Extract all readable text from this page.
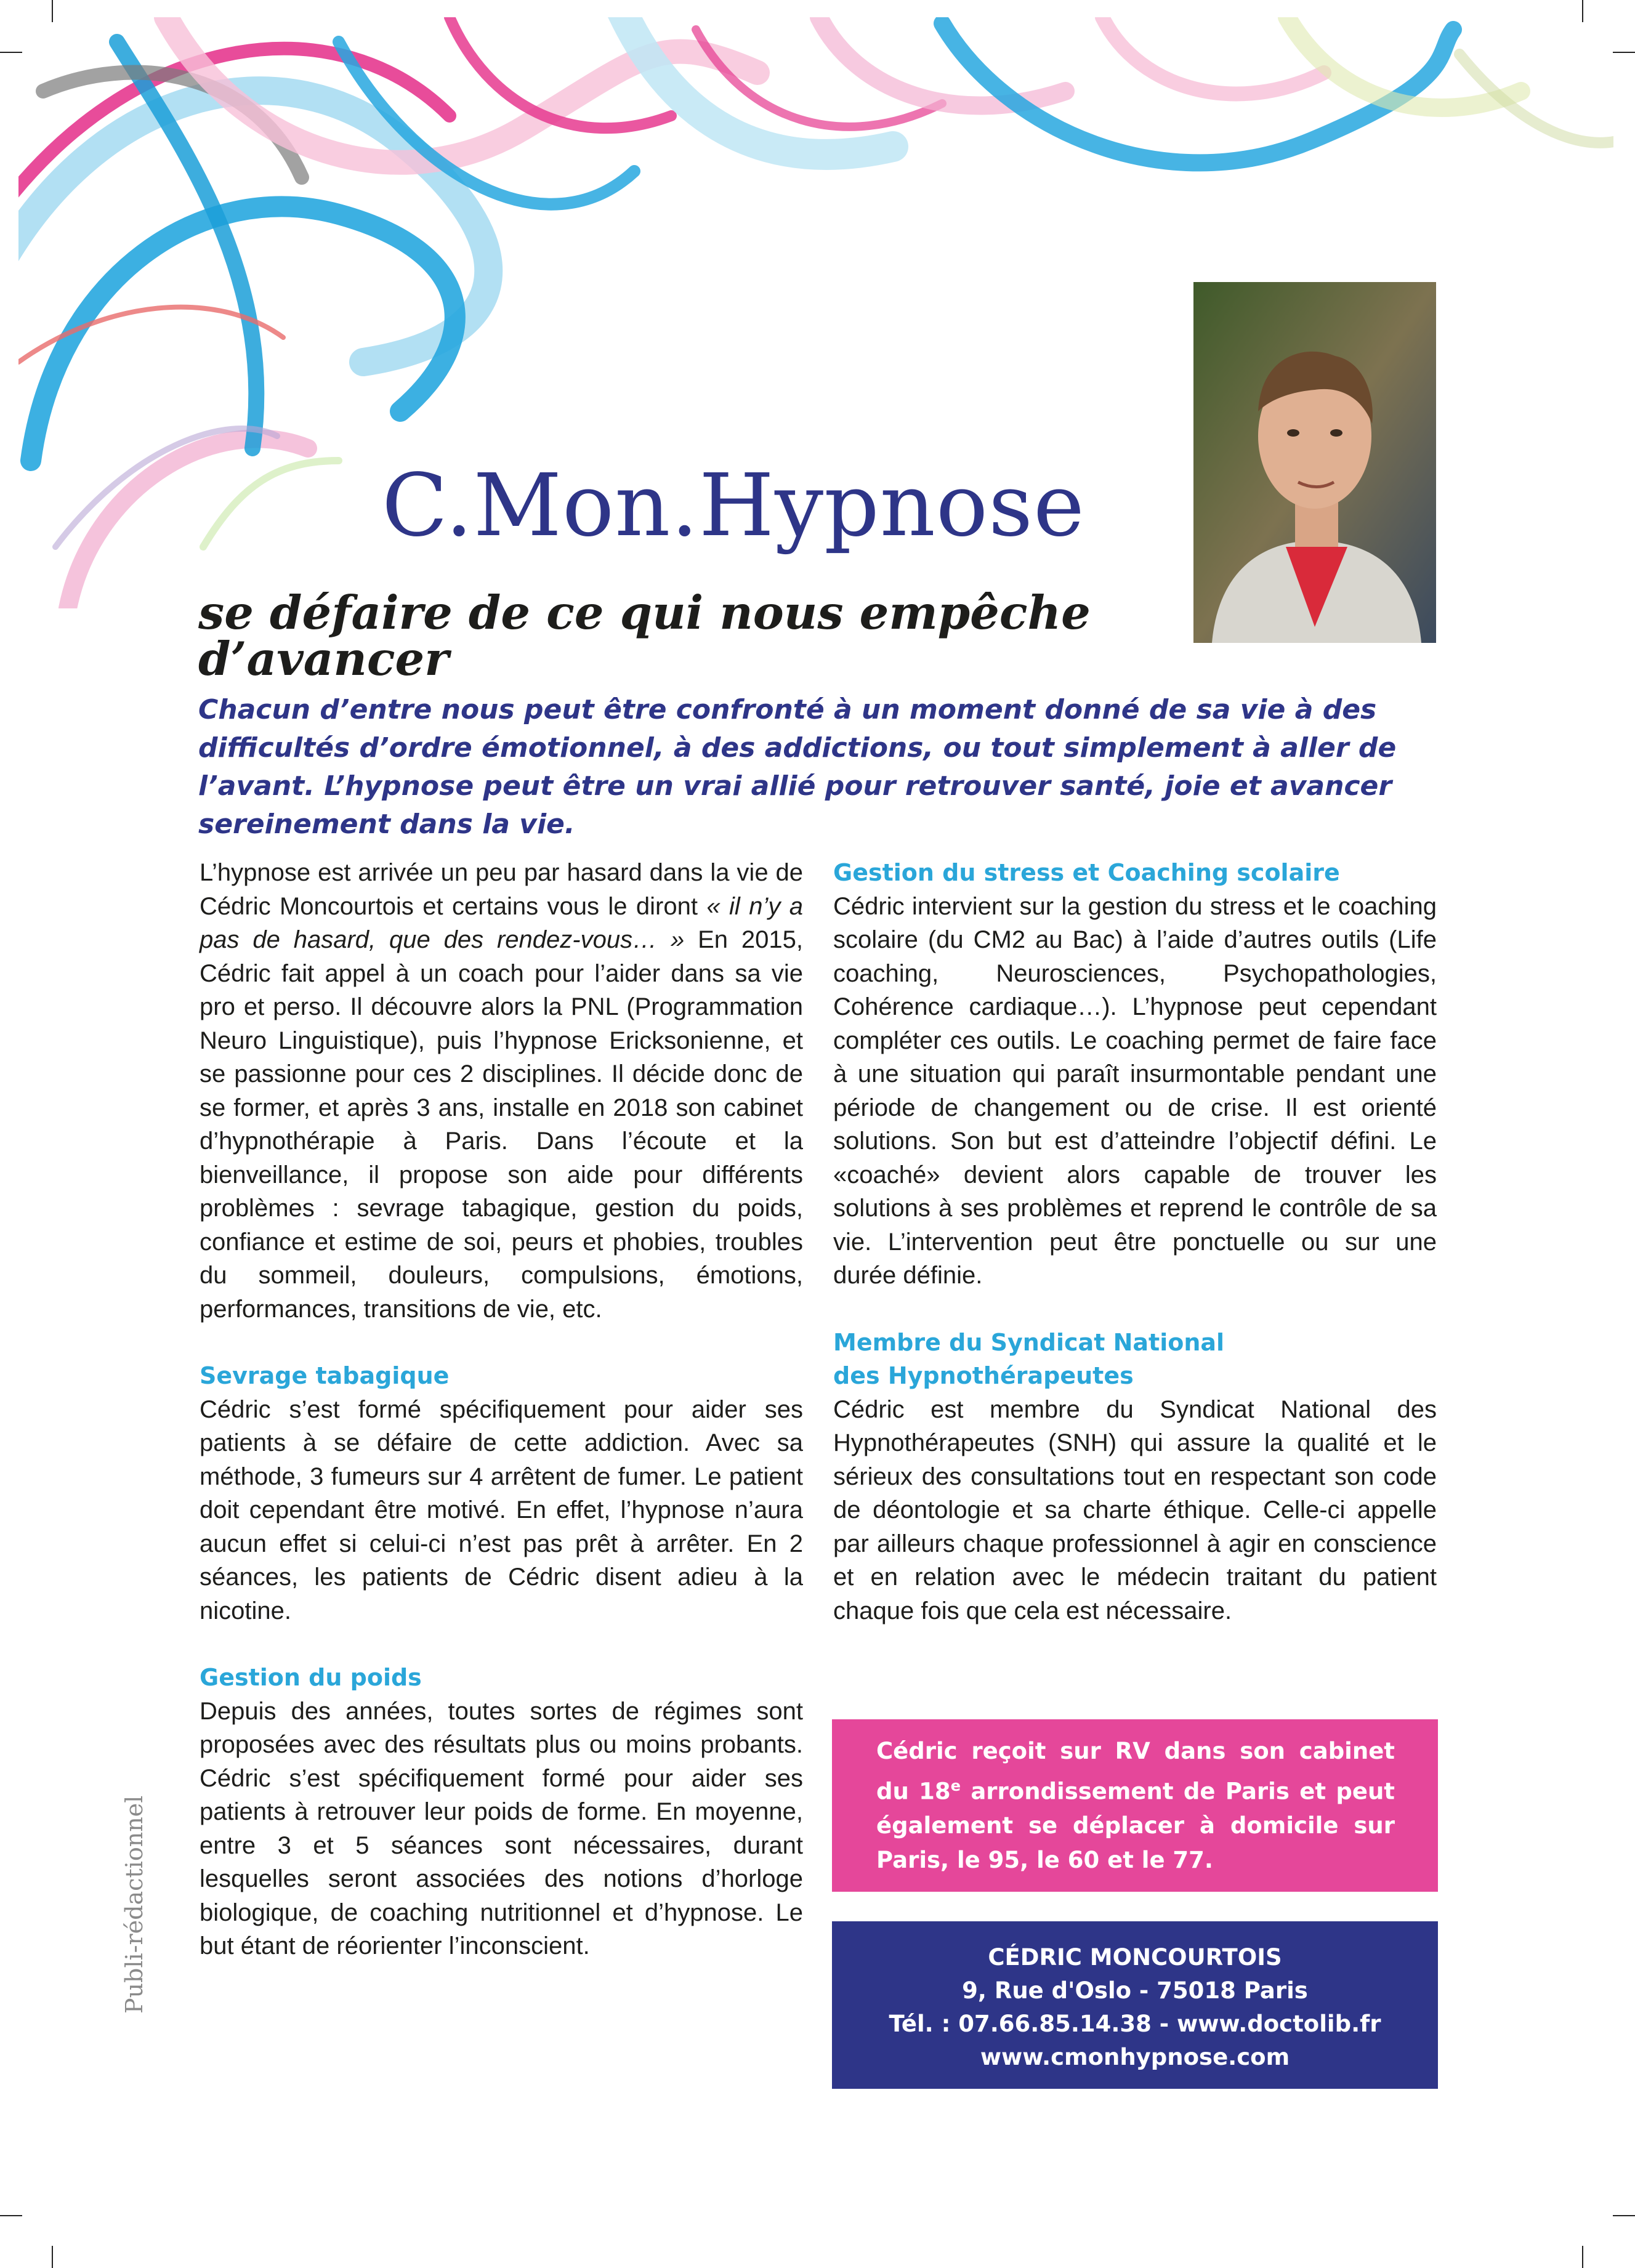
C.Mon.Hypnose
se défaire de ce qui nous empêche d’avancer
Chacun d’entre nous peut être confronté à un moment donné de sa vie à des difficultés d’ordre émotionnel, à des addictions, ou tout simplement à aller de l’avant. L’hypnose peut être un vrai allié pour retrouver santé, joie et avancer sereinement dans la vie.

L’hypnose est arrivée un peu par hasard dans la vie de Cédric Moncourtois et certains vous le diront « il n’y a pas de hasard, que des rendez-vous… » En 2015, Cédric fait appel à un coach pour l’aider dans sa vie pro et perso. Il découvre alors la PNL (Programmation Neuro Linguistique), puis l’hypnose Ericksonienne, et se passionne pour ces 2 disciplines. Il décide donc de se former, et après 3 ans, installe en 2018 son cabinet d’hypnothérapie à Paris. Dans l’écoute et la bienveillance, il propose son aide pour différents problèmes : sevrage tabagique, gestion du poids, confiance et estime de soi, peurs et phobies, troubles du sommeil, douleurs, compulsions, émotions, performances, transitions de vie, etc.

Sevrage tabagique

Cédric s’est formé spécifiquement pour aider ses patients à se défaire de cette addiction. Avec sa méthode, 3 fumeurs sur 4 arrêtent de fumer. Le patient doit cependant être motivé. En effet, l’hypnose n’aura aucun effet si celui-ci n’est pas prêt à arrêter. En 2 séances, les patients de Cédric disent adieu à la nicotine.

Gestion du poids

Depuis des années, toutes sortes de régimes sont proposées avec des résultats plus ou moins probants. Cédric s’est spécifiquement formé pour aider ses patients à retrouver leur poids de forme. En moyenne, entre 3 et 5 séances sont nécessaires, durant lesquelles seront associées des notions d’horloge biologique, de coaching nutritionnel et d’hypnose. Le but étant de réorienter l’inconscient.

Gestion du stress et Coaching scolaire

Cédric intervient sur la gestion du stress et le coaching scolaire (du CM2 au Bac) à l’aide d’autres outils (Life coaching, Neurosciences, Psychopathologies, Cohérence cardiaque…). L’hypnose peut cependant compléter ces outils. Le coaching permet de faire face à une situation qui paraît insurmontable pendant une période de changement ou de crise. Il est orienté solutions. Son but est d’atteindre l’objectif défini. Le «coaché» devient alors capable de trouver les solutions à ses problèmes et reprend le contrôle de sa vie. L’intervention peut être ponctuelle ou sur une durée définie.

Membre du Syndicat National
des Hypnothérapeutes

Cédric est membre du Syndicat National des Hypnothérapeutes (SNH) qui assure la qualité et le sérieux des consultations tout en respectant son code de déontologie et sa charte éthique. Celle-ci appelle par ailleurs chaque professionnel à agir en conscience et en relation avec le médecin traitant du patient chaque fois que cela est nécessaire.

Cédric reçoit sur RV dans son cabinet du 18e arrondissement de Paris et peut également se déplacer à domicile sur Paris, le 95, le 60 et le 77.

CÉDRIC MONCOURTOIS
9, Rue d'Oslo - 75018 Paris
Tél. : 07.66.85.14.38 - www.doctolib.fr
www.cmonhypnose.com
Publi-rédactionnel
